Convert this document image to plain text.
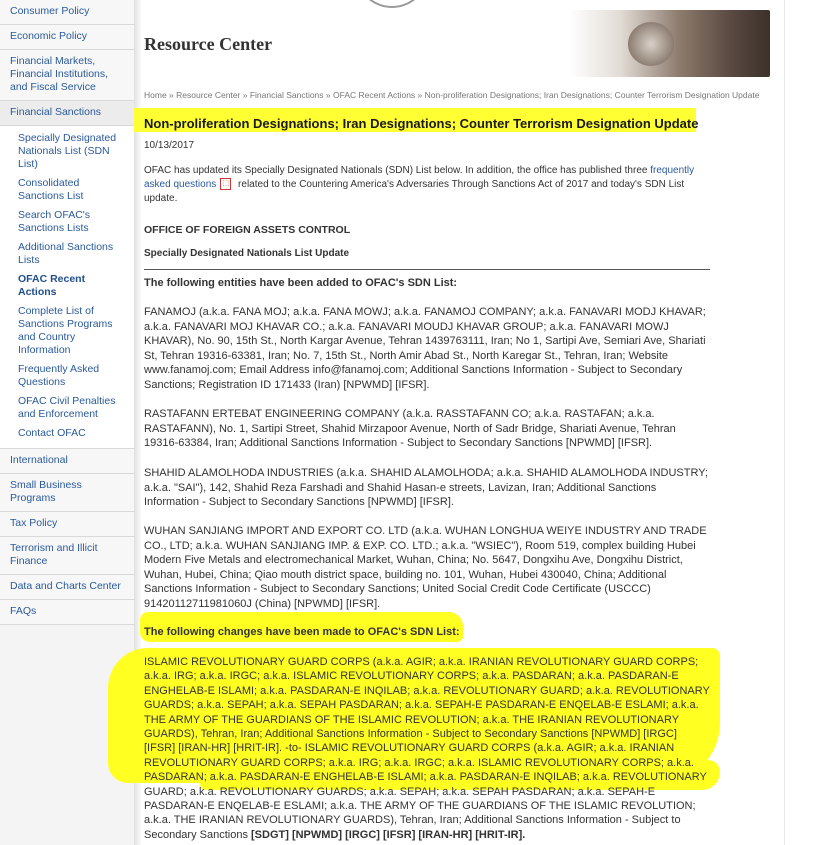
Consumer Policy
Economic Policy
Financial Markets, Financial Institutions, and Fiscal Service
Financial Sanctions
Specially Designated Nationals List (SDN List)
Consolidated Sanctions List
Search OFAC's Sanctions Lists
Additional Sanctions Lists
OFAC Recent Actions
Complete List of Sanctions Programs and Country Information
Frequently Asked Questions
OFAC Civil Penalties and Enforcement
Contact OFAC
International
Small Business Programs
Tax Policy
Terrorism and Illicit Finance
Data and Charts Center
FAQs
Resource Center
Home » Resource Center » Financial Sanctions » OFAC Recent Actions » Non-proliferation Designations; Iran Designations; Counter Terrorism Designation Update
Non-proliferation Designations; Iran Designations; Counter Terrorism Designation Update
10/13/2017
OFAC has updated its Specially Designated Nationals (SDN) List below. In addition, the office has published three frequently asked questions ⬚ related to the Countering America's Adversaries Through Sanctions Act of 2017 and today's SDN List update.
OFFICE OF FOREIGN ASSETS CONTROL
Specially Designated Nationals List Update
The following entities have been added to OFAC's SDN List:
FANAMOJ (a.k.a. FANA MOJ; a.k.a. FANA MOWJ; a.k.a. FANAMOJ COMPANY; a.k.a. FANAVARI MODJ KHAVAR; a.k.a. FANAVARI MOJ KHAVAR CO.; a.k.a. FANAVARI MOUDJ KHAVAR GROUP; a.k.a. FANAVARI MOWJ KHAVAR), No. 90, 15th St., North Kargar Avenue, Tehran 1439763111, Iran; No 1, Sartipi Ave, Semiari Ave, Shariati St, Tehran 19316-63381, Iran; No. 7, 15th St., North Amir Abad St., North Karegar St., Tehran, Iran; Website www.fanamoj.com; Email Address info@fanamoj.com; Additional Sanctions Information - Subject to Secondary Sanctions; Registration ID 171433 (Iran) [NPWMD] [IFSR].
RASTAFANN ERTEBAT ENGINEERING COMPANY (a.k.a. RASSTAFANN CO; a.k.a. RASTAFAN; a.k.a. RASTAFANN), No. 1, Sartipi Street, Shahid Mirzapoor Avenue, North of Sadr Bridge, Shariati Avenue, Tehran 19316-63384, Iran; Additional Sanctions Information - Subject to Secondary Sanctions [NPWMD] [IFSR].
SHAHID ALAMOLHODA INDUSTRIES (a.k.a. SHAHID ALAMOLHODA; a.k.a. SHAHID ALAMOLHODA INDUSTRY; a.k.a. "SAI"), 142, Shahid Reza Farshadi and Shahid Hasan-e streets, Lavizan, Iran; Additional Sanctions Information - Subject to Secondary Sanctions [NPWMD] [IFSR].
WUHAN SANJIANG IMPORT AND EXPORT CO. LTD (a.k.a. WUHAN LONGHUA WEIYE INDUSTRY AND TRADE CO., LTD; a.k.a. WUHAN SANJIANG IMP. & EXP. CO. LTD.; a.k.a. "WSIEC"), Room 519, complex building Hubei Modern Five Metals and electromechanical Market, Wuhan, China; No. 5647, Dongxihu Ave, Dongxihu District, Wuhan, Hubei, China; Qiao mouth district space, building no. 101, Wuhan, Hubei 430040, China; Additional Sanctions Information - Subject to Secondary Sanctions; United Social Credit Code Certificate (USCCC) 91420112711981060J (China) [NPWMD] [IFSR].
The following changes have been made to OFAC's SDN List:
ISLAMIC REVOLUTIONARY GUARD CORPS (a.k.a. AGIR; a.k.a. IRANIAN REVOLUTIONARY GUARD CORPS; a.k.a. IRG; a.k.a. IRGC; a.k.a. ISLAMIC REVOLUTIONARY CORPS; a.k.a. PASDARAN; a.k.a. PASDARAN-E ENGHELAB-E ISLAMI; a.k.a. PASDARAN-E INQILAB; a.k.a. REVOLUTIONARY GUARD; a.k.a. REVOLUTIONARY GUARDS; a.k.a. SEPAH; a.k.a. SEPAH PASDARAN; a.k.a. SEPAH-E PASDARAN-E ENQELAB-E ESLAMI; a.k.a. THE ARMY OF THE GUARDIANS OF THE ISLAMIC REVOLUTION; a.k.a. THE IRANIAN REVOLUTIONARY GUARDS), Tehran, Iran; Additional Sanctions Information - Subject to Secondary Sanctions [NPWMD] [IRGC] [IFSR] [IRAN-HR] [HRIT-IR]. -to- ISLAMIC REVOLUTIONARY GUARD CORPS (a.k.a. AGIR; a.k.a. IRANIAN REVOLUTIONARY GUARD CORPS; a.k.a. IRG; a.k.a. IRGC; a.k.a. ISLAMIC REVOLUTIONARY CORPS; a.k.a. PASDARAN; a.k.a. PASDARAN-E ENGHELAB-E ISLAMI; a.k.a. PASDARAN-E INQILAB; a.k.a. REVOLUTIONARY GUARD; a.k.a. REVOLUTIONARY GUARDS; a.k.a. SEPAH; a.k.a. SEPAH PASDARAN; a.k.a. SEPAH-E PASDARAN-E ENQELAB-E ESLAMI; a.k.a. THE ARMY OF THE GUARDIANS OF THE ISLAMIC REVOLUTION; a.k.a. THE IRANIAN REVOLUTIONARY GUARDS), Tehran, Iran; Additional Sanctions Information - Subject to Secondary Sanctions [SDGT] [NPWMD] [IRGC] [IFSR] [IRAN-HR] [HRIT-IR].
